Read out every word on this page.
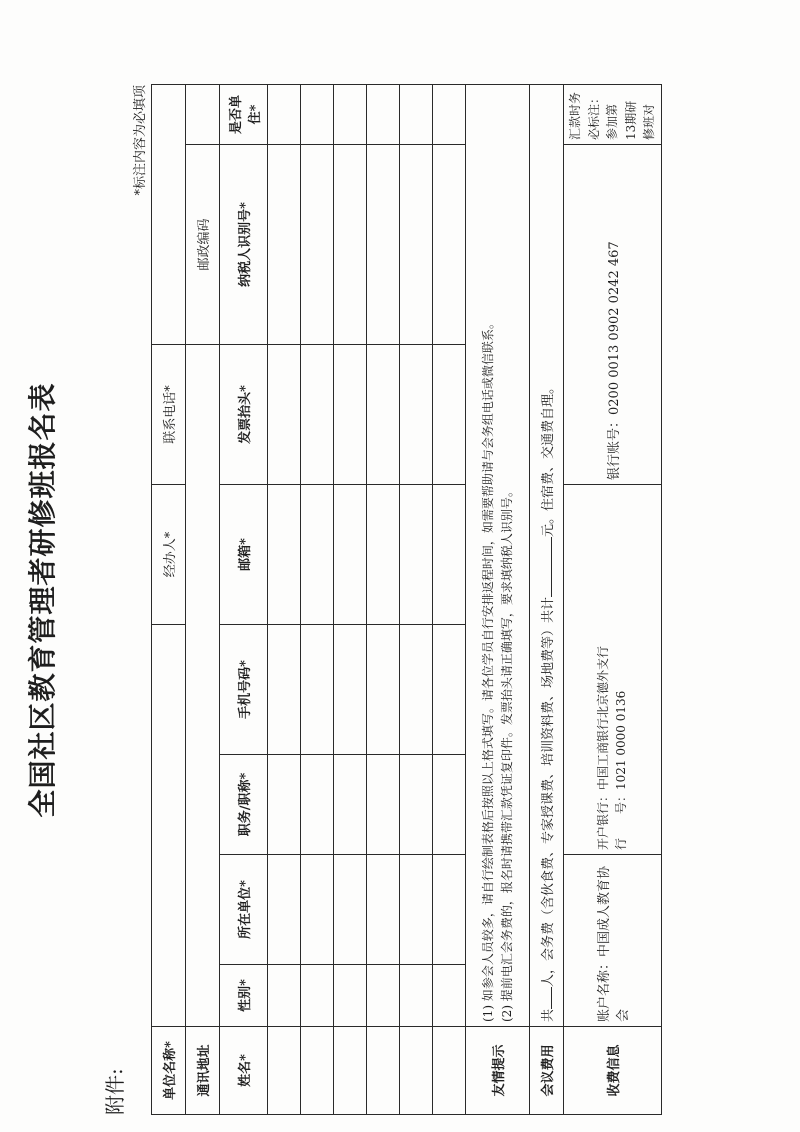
全国社区教育管理者研修班报名表
附件:
*标注内容为必填项
单位名称*					经办人*	联系电话*		
通讯地址							邮政编码	
姓名*	性别*	所在单位*	职务/职称*	手机号码*	邮箱*	发票抬头*	纳税人识别号*	是否单住*

友情提示	(1) 如参会人员较多，请自行绘制表格后按照以上格式填写。请各位学员自行安排返程时间，如需要帮助请与会务组电话或微信联系。 (2) 提前电汇会务费的，报名时请携带汇款凭证复印件。发票抬头请正确填写，要求填纳税人识别号。							

会议费用	共人，会务费（含伙食费、专家授课费、培训资料费、场地费等）共计元。住宿费、交通费自理。							
收费信息	账户名称：中国成人教育协会		开户银行：中国工商银行北京德外支行 行　　号：1021 0000 0136			银行账号：0200 0013 0902 0242 467		汇款时务必标注：参加第13期研修班对
